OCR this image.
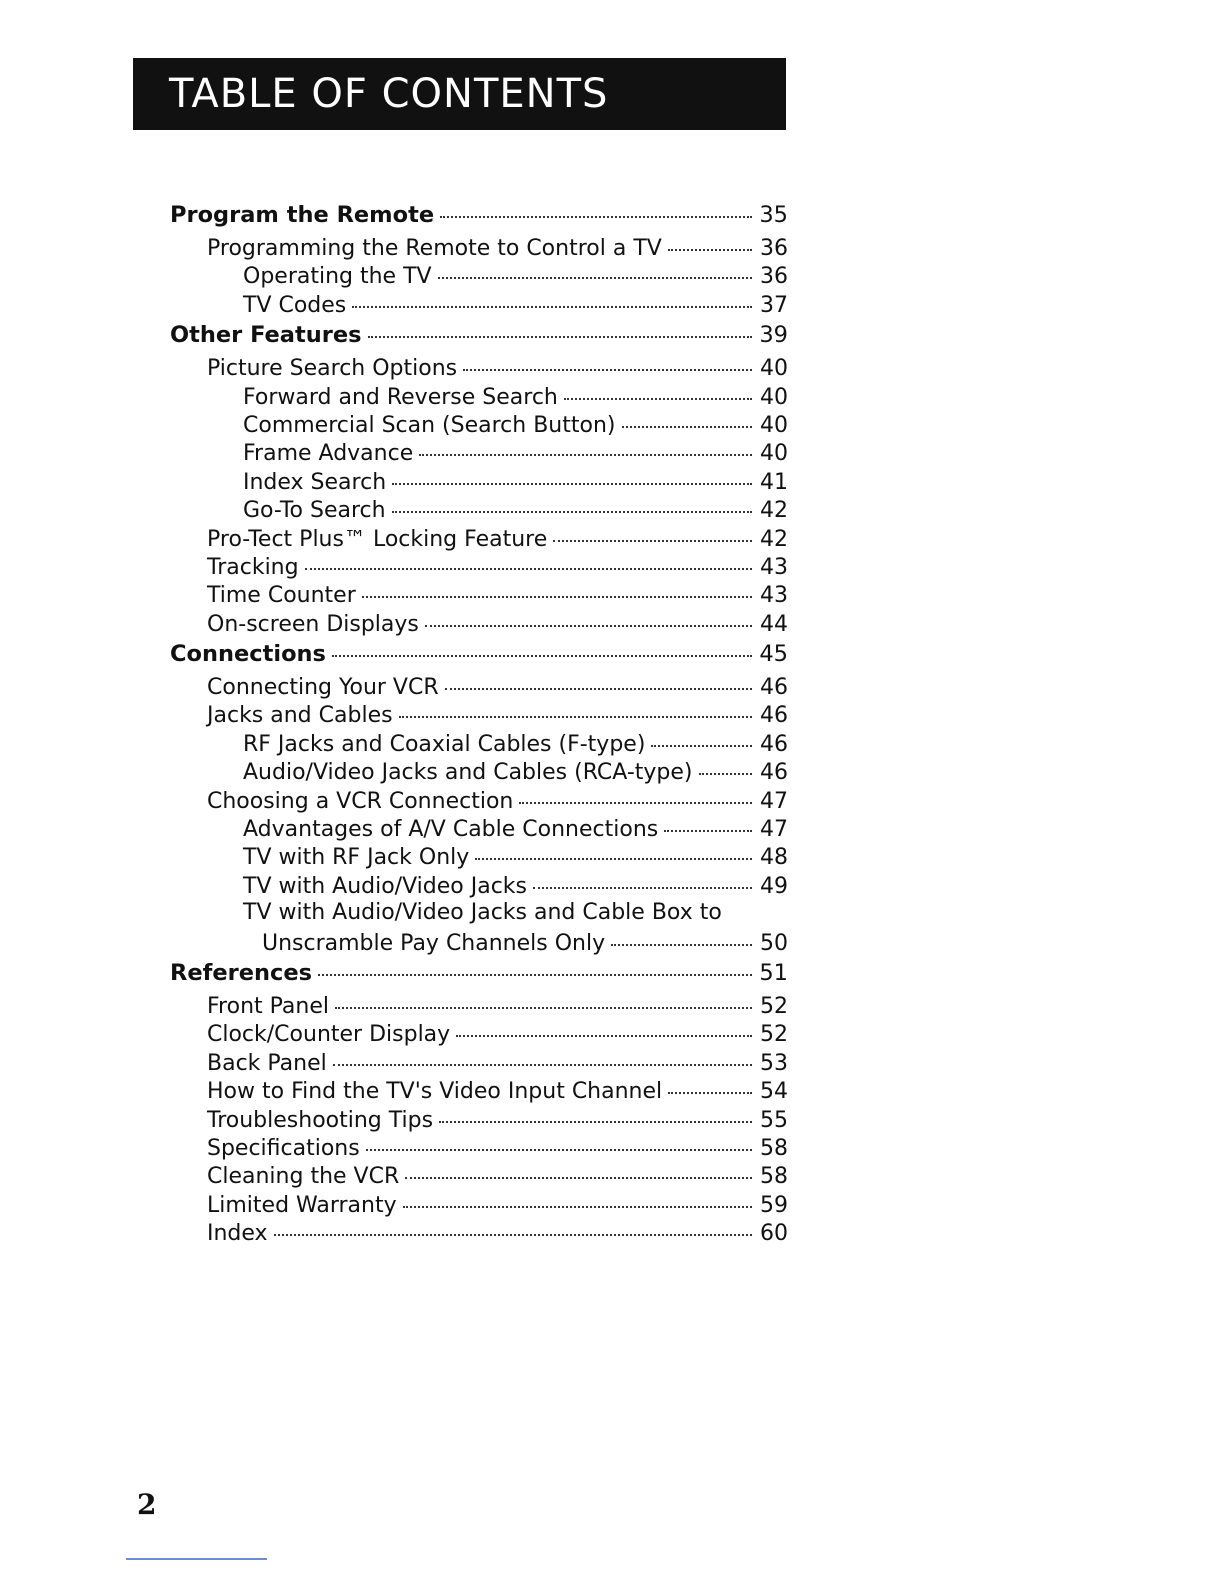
TABLE OF CONTENTS
Program the Remote	35
Programming the Remote to Control a TV	36
Operating the TV	36
TV Codes	37
Other Features	39
Picture Search Options	40
Forward and Reverse Search	40
Commercial Scan (Search Button)	40
Frame Advance	40
Index Search	41
Go-To Search	42
Pro-Tect Plus™ Locking Feature	42
Tracking	43
Time Counter	43
On-screen Displays	44
Connections	45
Connecting Your VCR	46
Jacks and Cables	46
RF Jacks and Coaxial Cables (F-type)	46
Audio/Video Jacks and Cables (RCA-type)	46
Choosing a VCR Connection	47
Advantages of A/V Cable Connections	47
TV with RF Jack Only	48
TV with Audio/Video Jacks	49
TV with Audio/Video Jacks and Cable Box to
Unscramble Pay Channels Only	50
References	51
Front Panel	52
Clock/Counter Display	52
Back Panel	53
How to Find the TV's Video Input Channel	54
Troubleshooting Tips	55
Specifications	58
Cleaning the VCR	58
Limited Warranty	59
Index	60
2
